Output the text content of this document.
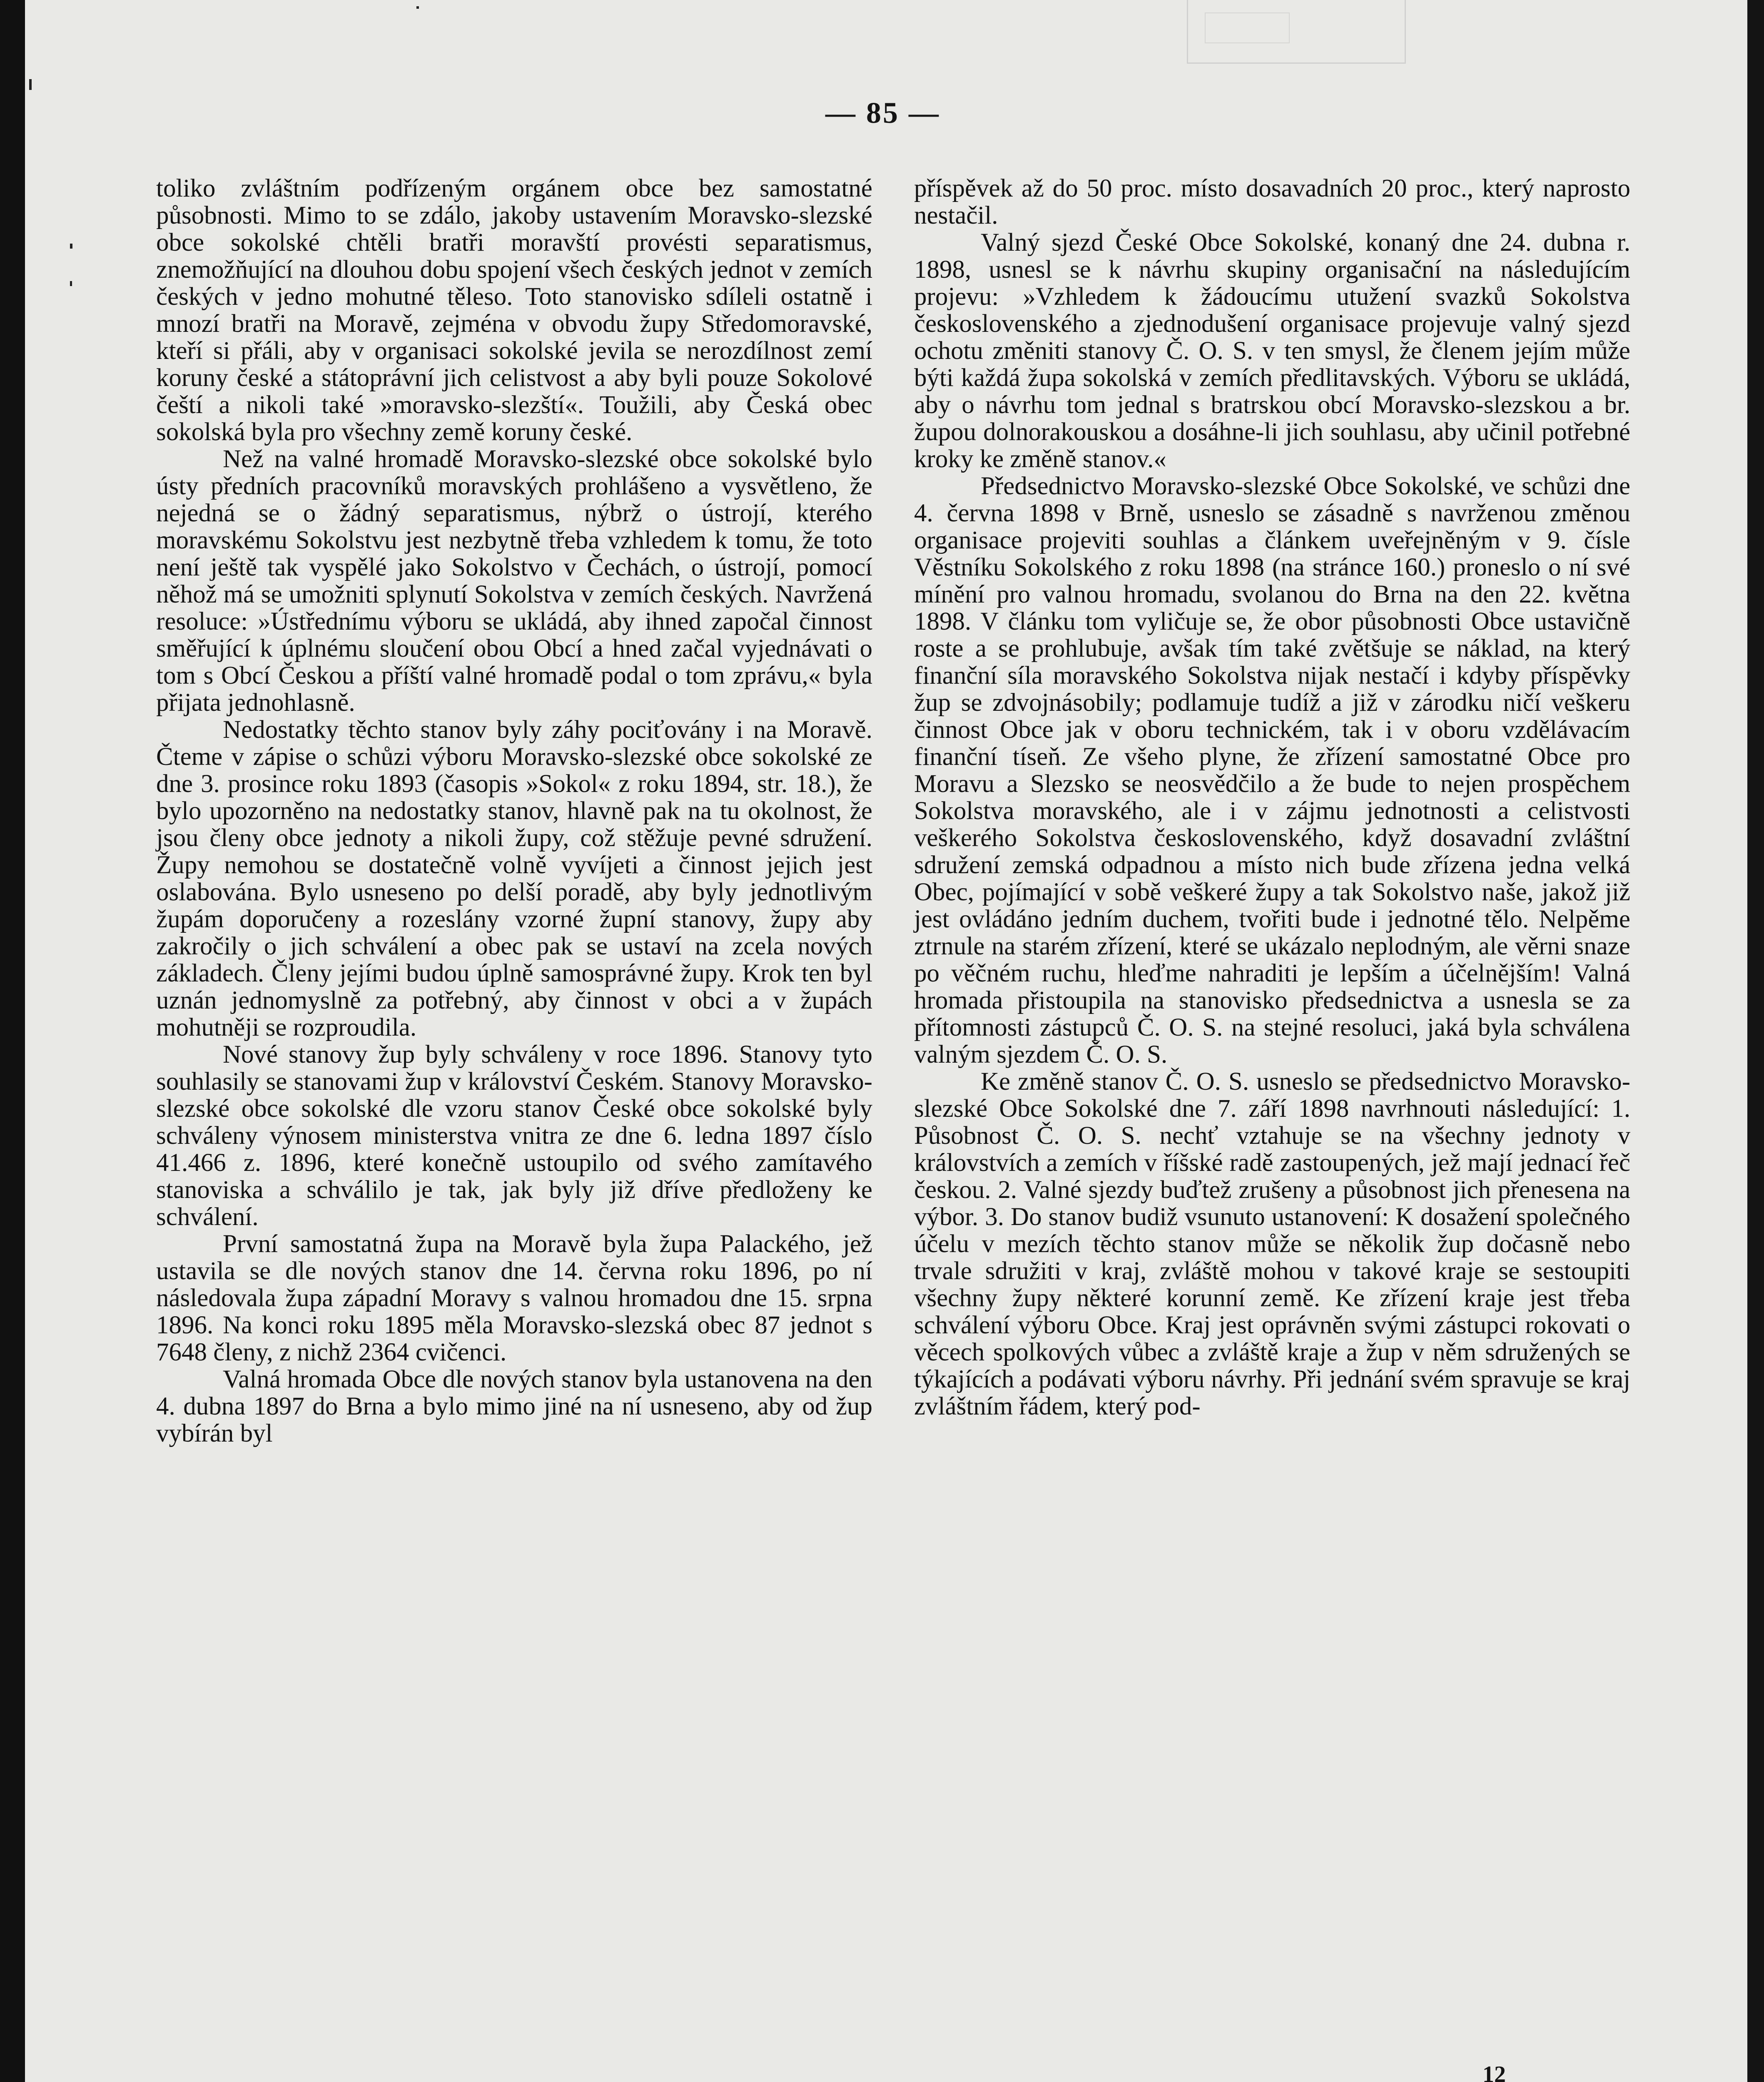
— 85 —

toliko zvláštním podřízeným orgánem obce bez samostatné působnosti. Mimo to se zdálo, jakoby ustavením Moravsko-slezské obce sokolské chtěli bratři moravští provésti separatismus, znemožňující na dlouhou dobu spojení všech českých jednot v zemích českých v jedno mohutné těleso. Toto stanovisko sdíleli ostatně i mnozí bratři na Moravě, zejména v obvodu župy Středomoravské, kteří si přáli, aby v organisaci sokolské jevila se nerozdílnost zemí koruny české a státoprávní jich celistvost a aby byli pouze Sokolové čeští a nikoli také »moravsko-slezští«. Toužili, aby Česká obec sokolská byla pro všechny země koruny české.

Než na valné hromadě Moravsko-slezské obce sokolské bylo ústy předních pracovníků moravských prohlášeno a vysvětleno, že nejedná se o žádný separatismus, nýbrž o ústrojí, kterého moravskému Sokolstvu jest nezbytně třeba vzhledem k tomu, že toto není ještě tak vyspělé jako Sokolstvo v Čechách, o ústrojí, pomocí něhož má se umožniti splynutí Sokolstva v zemích českých. Navržená resoluce: »Ústřednímu výboru se ukládá, aby ihned započal činnost směřující k úplnému sloučení obou Obcí a hned začal vyjednávati o tom s Obcí Českou a příští valné hromadě podal o tom zprávu,« byla přijata jednohlasně.

Nedostatky těchto stanov byly záhy pociťovány i na Moravě. Čteme v zápise o schůzi výboru Moravsko-slezské obce sokolské ze dne 3. prosince roku 1893 (časopis »Sokol« z roku 1894, str. 18.), že bylo upozorněno na nedostatky stanov, hlavně pak na tu okolnost, že jsou členy obce jednoty a nikoli župy, což stěžuje pevné sdružení. Župy nemohou se dostatečně volně vyvíjeti a činnost jejich jest oslabována. Bylo usneseno po delší poradě, aby byly jednotlivým župám doporučeny a rozeslány vzorné župní stanovy, župy aby zakročily o jich schválení a obec pak se ustaví na zcela nových základech. Členy jejími budou úplně samosprávné župy. Krok ten byl uznán jednomyslně za potřebný, aby činnost v obci a v župách mohutněji se rozproudila.

Nové stanovy žup byly schváleny v roce 1896. Stanovy tyto souhlasily se stanovami žup v království Českém. Stanovy Moravsko-slezské obce sokolské dle vzoru stanov České obce sokolské byly schváleny výnosem ministerstva vnitra ze dne 6. ledna 1897 číslo 41.466 z. 1896, které konečně ustoupilo od svého zamítavého stanoviska a schválilo je tak, jak byly již dříve předloženy ke schválení.

První samostatná župa na Moravě byla župa Palackého, jež ustavila se dle nových stanov dne 14. června roku 1896, po ní následovala župa západní Moravy s valnou hromadou dne 15. srpna 1896. Na konci roku 1895 měla Moravsko-slezská obec 87 jednot s 7648 členy, z nichž 2364 cvičenci.

Valná hromada Obce dle nových stanov byla ustanovena na den 4. dubna 1897 do Brna a bylo mimo jiné na ní usneseno, aby od žup vybírán byl

příspěvek až do 50 proc. místo dosavadních 20 proc., který naprosto nestačil.

Valný sjezd České Obce Sokolské, konaný dne 24. dubna r. 1898, usnesl se k návrhu skupiny organisační na následujícím projevu: »Vzhledem k žádoucímu utužení svazků Sokolstva československého a zjednodušení organisace projevuje valný sjezd ochotu změniti stanovy Č. O. S. v ten smysl, že členem jejím může býti každá župa sokolská v zemích předlitavských. Výboru se ukládá, aby o návrhu tom jednal s bratrskou obcí Moravsko-slezskou a br. župou dolnorakouskou a dosáhne-li jich souhlasu, aby učinil potřebné kroky ke změně stanov.«

Předsednictvo Moravsko-slezské Obce Sokolské, ve schůzi dne 4. června 1898 v Brně, usneslo se zásadně s navrženou změnou organisace projeviti souhlas a článkem uveřejněným v 9. čísle Věstníku Sokolského z roku 1898 (na stránce 160.) proneslo o ní své mínění pro valnou hromadu, svolanou do Brna na den 22. května 1898. V článku tom vyličuje se, že obor působnosti Obce ustavičně roste a se prohlubuje, avšak tím také zvětšuje se náklad, na který finanční síla moravského Sokolstva nijak nestačí i kdyby příspěvky žup se zdvojnásobily; podlamuje tudíž a již v zárodku ničí veškeru činnost Obce jak v oboru technickém, tak i v oboru vzdělávacím finanční tíseň. Ze všeho plyne, že zřízení samostatné Obce pro Moravu a Slezsko se neosvědčilo a že bude to nejen prospěchem Sokolstva moravského, ale i v zájmu jednotnosti a celistvosti veškerého Sokolstva československého, když dosavadní zvláštní sdružení zemská odpadnou a místo nich bude zřízena jedna velká Obec, pojímající v sobě veškeré župy a tak Sokolstvo naše, jakož již jest ovládáno jedním duchem, tvořiti bude i jednotné tělo. Nelpěme ztrnule na starém zřízení, které se ukázalo neplodným, ale věrni snaze po věčném ruchu, hleďme nahraditi je lepším a účelnějším! Valná hromada přistoupila na stanovisko předsednictva a usnesla se za přítomnosti zástupců Č. O. S. na stejné resoluci, jaká byla schválena valným sjezdem Č. O. S.

Ke změně stanov Č. O. S. usneslo se předsednictvo Moravsko-slezské Obce Sokolské dne 7. září 1898 navrhnouti následující: 1. Působnost Č. O. S. nechť vztahuje se na všechny jednoty v královstvích a zemích v říšské radě zastoupených, jež mají jednací řeč českou. 2. Valné sjezdy buďtež zrušeny a působnost jich přenesena na výbor. 3. Do stanov budiž vsunuto ustanovení: K dosažení společného účelu v mezích těchto stanov může se několik žup dočasně nebo trvale sdružiti v kraj, zvláště mohou v takové kraje se sestoupiti všechny župy některé korunní země. Ke zřízení kraje jest třeba schválení výboru Obce. Kraj jest oprávněn svými zástupci rokovati o věcech spolkových vůbec a zvláště kraje a žup v něm sdružených se týkajících a podávati výboru návrhy. Při jednání svém spravuje se kraj zvláštním řádem, který pod-

12
